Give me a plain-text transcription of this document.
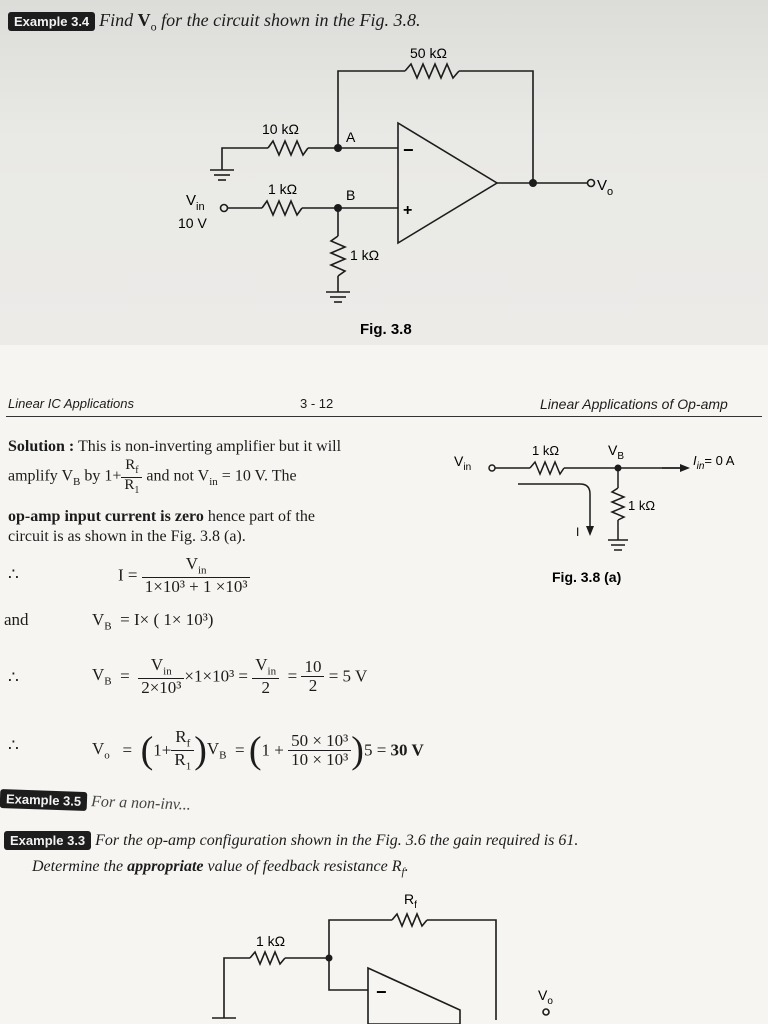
Example 3.4 Find $V_o$ for the circuit shown in the Fig. 3.8.
50 kΩ
10 kΩ	A
1 kΩ	B
1 kΩ
$V_{in}$
10 V
$V_o$
−
+
Fig. 3.8
Linear IC Applications	3 - 12	Linear Applications of Op-amp
Solution : This is non-inverting amplifier but it will
amplify $V_B$ by $1+ \frac{R_f}{R_1}$ and not $V_{in} = 10$ V. The
op-amp input current is zero hence part of the
circuit is as shown in the Fig. 3.8 (a).
∴	$I = \frac{V_{in}}{\text{1×10³ + 1 ×10³}}$
and	$V_B = I\times$ ( 1× 10³)
∴	$V_B = \frac{V_{in}}{\text{2×10³}} \times 1\times 10^3 = \frac{V_{in}}{2} = \frac{10}{2} = 5$ V
∴	$V_o = (1+ \frac{R_f}{R_1} )V_B = (1 + \frac{\text{50 × 10³}}{\text{10 × 10³}} )5 = 30$ V
$V_{in}$
1 kΩ	$V_B$	$I_{in}= 0$ A
1 kΩ
I
Fig. 3.8 (a)
Example 3.5 For a non-inv...
Example 3.3 For the op-amp configuration shown in the Fig. 3.6 the gain required is 61.
Determine the appropriate value of feedback resistance $R_f$.
$R_f$
1 kΩ
−	$V_o$
